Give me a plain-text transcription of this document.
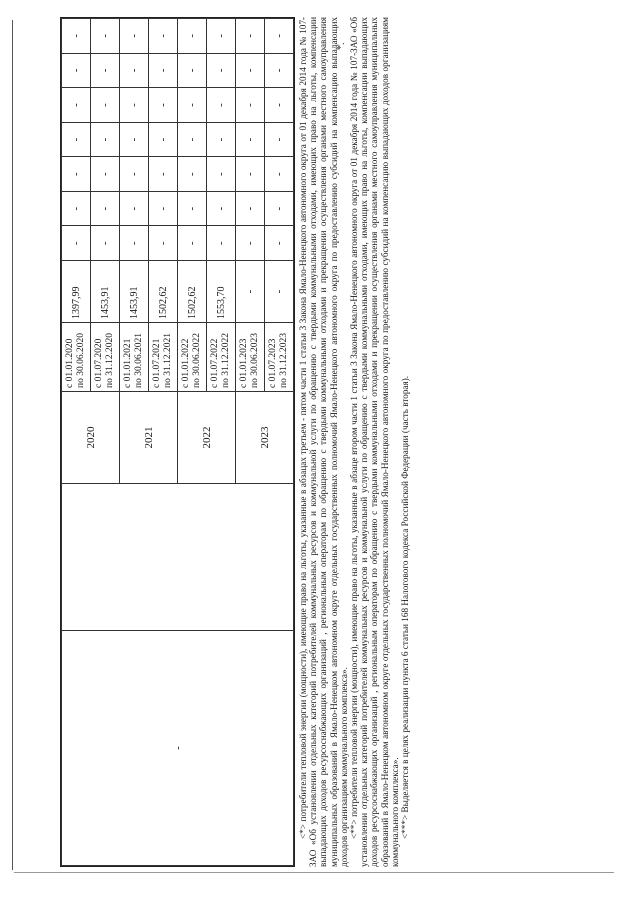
-		2020	с 01.01.2020 по 30.06.2020	1397,99	-	-	-	-	-	-	-

			с 01.07.2020 по 31.12.2020	1453,91	-	-	-	-	-	-	-
		2021	с 01.01.2021 по 30.06.2021	1453,91	-	-	-	-	-	-	-

			с 01.07.2021 по 31.12.2021	1502,62	-	-	-	-	-	-	-
		2022	с 01.01.2022 по 30.06.2022	1502,62	-	-	-	-	-	-	-

			с 01.07.2022 по 31.12.2022	1553,70	-	-	-	-	-	-	-
		2023	с 01.01.2023 по 30.06.2023	-	-	-	-	-	-	-	-

			с 01.07.2023 по 31.12.2023	-	-	-	-	-	-	-	- <*> потребители тепловой энергии (мощности), имеющие право на льготы, указанные в абзацах третьем - пятом части 1 статьи 3 Закона Ямало-Ненецкого автономного округа от 01 декабря 2014 года № 107-ЗАО «Об установлении отдельных категорий потребителей коммунальных ресурсов и коммунальной услуги по обращению с твердыми коммунальными отходами, имеющих право на льготы, компенсации выпадающих доходов ресурсоснабжающих организаций , региональным операторам по обращению с твердыми коммунальными отходами и прекращении осуществления органами местного самоуправления муниципальных образований в Ямало-Ненецком автономном округе отдельных государственных полномочий Ямало-Ненецкого автономного округа по предоставлению субсидий на компенсацию выпадающих доходов организациям коммунального комплекса». <**> потребители тепловой энергии (мощности), имеющие право на льготы, указанные в абзаце втором части 1 статьи 3 Закона Ямало-Ненецкого автономного округа от 01 декабря 2014 года № 107-ЗАО «Об установлении отдельных категорий потребителей коммунальных ресурсов и коммунальной услуги по обращению с твердыми коммунальными отходами, имеющих право на льготы, компенсации выпадающих доходов ресурсоснабжающих организаций , региональным операторам по обращению с твердыми коммунальными отходами и прекращении осуществления органами местного самоуправления муниципальных образований в Ямало-Ненецком автономном округе отдельных государственных полномочий Ямало-Ненецкого автономного округа по предоставлению субсидий на компенсацию выпадающих доходов организациям коммунального комплекса». <***> Выделяется в целях реализации пункта 6 статьи 168 Налогового кодекса Российской Федерации (часть вторая).

*.
